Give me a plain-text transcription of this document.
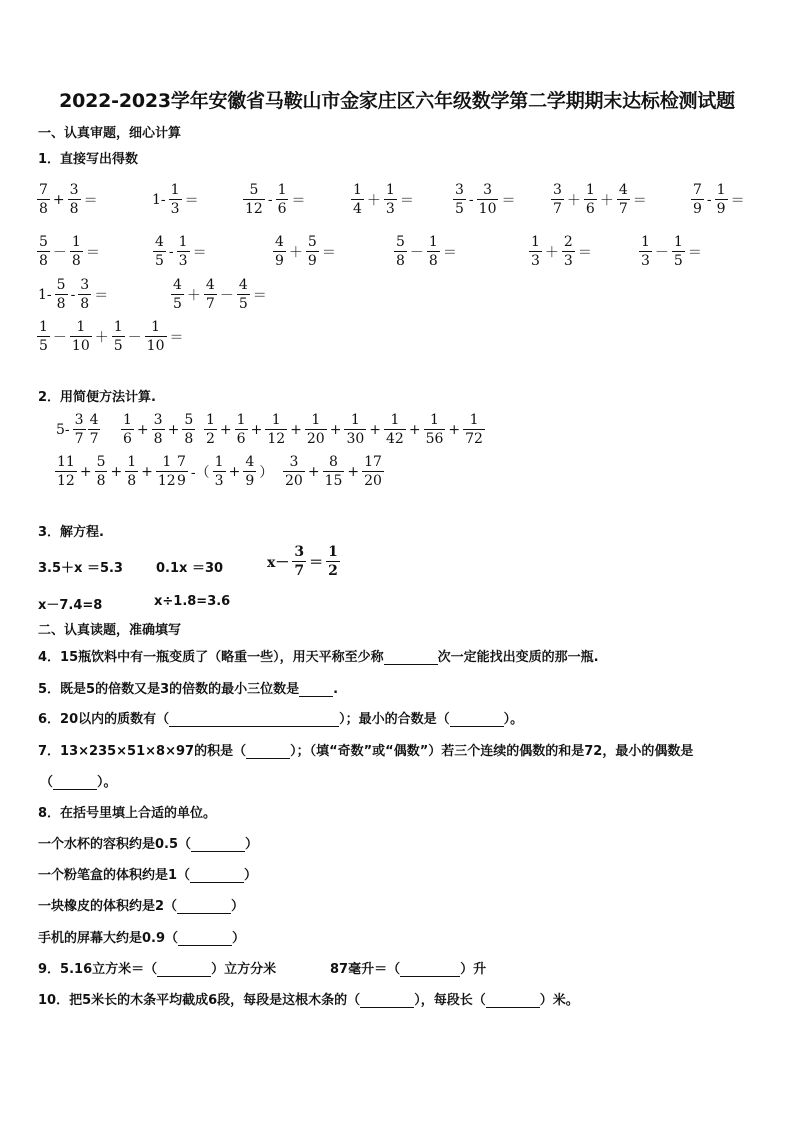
2022-2023学年安徽省马鞍山市金家庄区六年级数学第二学期期末达标检测试题
一、认真审题，细心计算
1．直接写出得数
$\frac{7}{8} + \frac{3}{8}$ ＝	$1- \frac{1}{3}$ ＝	$\frac{5}{12} - \frac{1}{6}$ ＝	$\frac{1}{4} + \frac{1}{3}$ ＝	$\frac{3}{5} - \frac{3}{10}$ ＝	$\frac{3}{7} + \frac{1}{6} + \frac{4}{7}$ ＝	$\frac{7}{9} - \frac{1}{9}$ ＝
$\frac{5}{8} - \frac{1}{8}$ ＝	$\frac{4}{5} - \frac{1}{3}$ ＝	$\frac{4}{9} + \frac{5}{9}$ ＝	$\frac{5}{8} - \frac{1}{8}$ ＝	$\frac{1}{3} + \frac{2}{3}$ ＝	$\frac{1}{3} - \frac{1}{5}$ ＝
$1- \frac{5}{8} - \frac{3}{8}$ ＝	$\frac{4}{5} + \frac{4}{7} - \frac{4}{5}$ ＝
$\frac{1}{5} - \frac{1}{10} + \frac{1}{5} - \frac{1}{10}$ ＝
2．用简便方法计算.
$5- \frac{3}{7} \frac{4}{7} \frac{1}{6} + \frac{3}{8} + \frac{5}{8} \frac{1}{2} + \frac{1}{6} + \frac{1}{12} + \frac{1}{20} + \frac{1}{30} + \frac{1}{42} + \frac{1}{56} + \frac{1}{72}$
$\frac{11}{12} + \frac{5}{8} + \frac{1}{8} + \frac{1}{12}$
$\frac{7}{9}$ -（ $\frac{1}{3} + \frac{4}{9}$ ） $\frac{3}{20} + \frac{8}{15} + \frac{17}{20}$
3．解方程.
3.5＋x ＝5.3	0.1x ＝30	$x- \frac{3}{7} = \frac{1}{2}$
x－7.4=8	x÷1.8=3.6
二、认真读题，准确填写
4．15瓶饮料中有一瓶变质了（略重一些），用天平称至少称	次一定能找出变质的那一瓶.
5．既是5的倍数又是3的倍数的最小三位数是	.
6．20以内的质数有（	）；最小的合数是（	）。
7．13×235×51×8×97的积是（	）；（填“奇数”或“偶数”）若三个连续的偶数的和是72，最小的偶数是
（	）。
8．在括号里填上合适的单位。
一个水杯的容积约是0.5（	）
一个粉笔盒的体积约是1（	）
一块橡皮的体积约是2（	）
手机的屏幕大约是0.9（	）
9．5.16立方米＝（	）立方分米	87毫升＝（	）升
10．把5米长的木条平均截成6段，每段是这根木条的（	），每段长（	）米。
